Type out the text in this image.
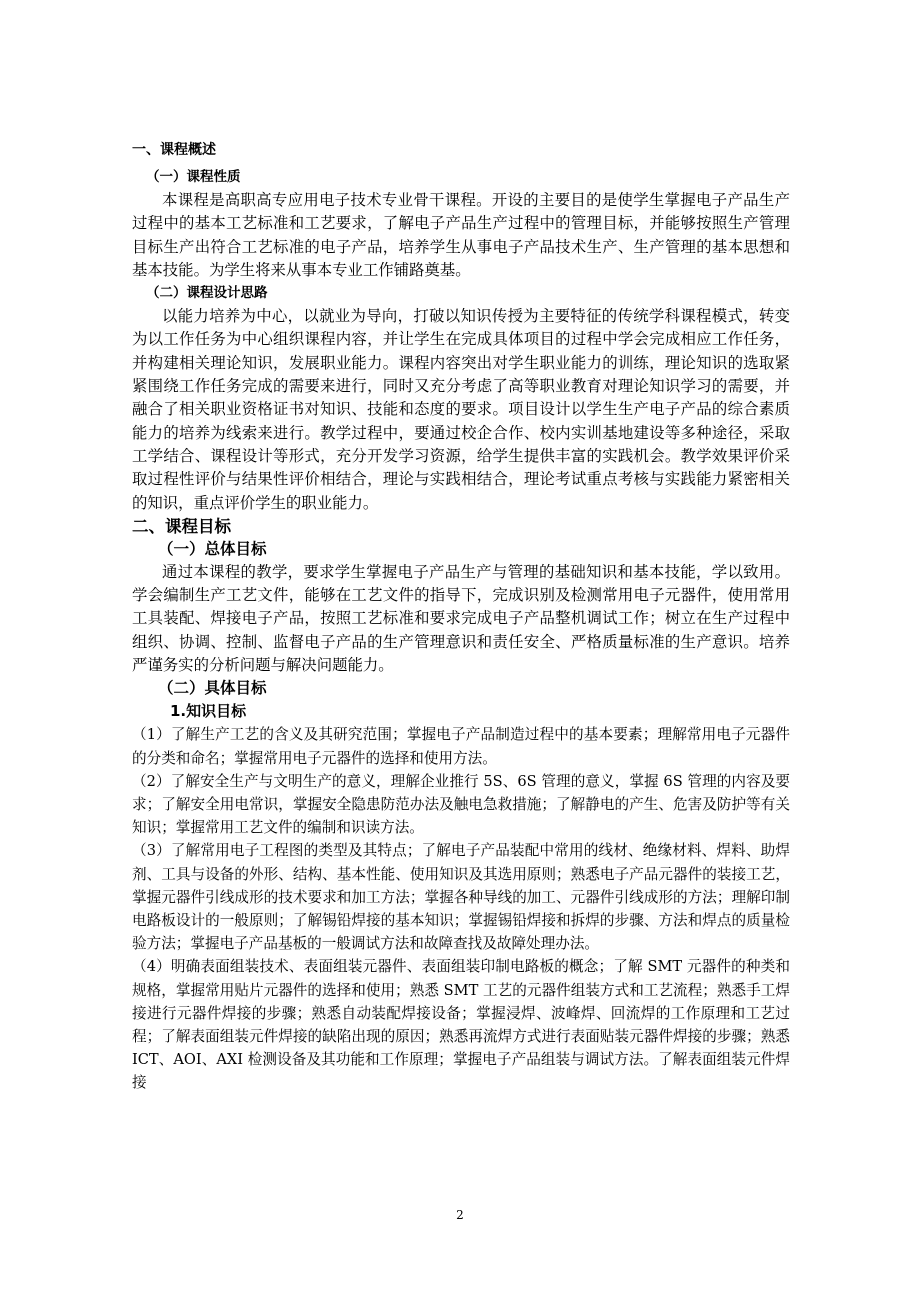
一、课程概述
（一）课程性质

本课程是高职高专应用电子技术专业骨干课程。开设的主要目的是使学生掌握电子产品生产过程中的基本工艺标准和工艺要求，了解电子产品生产过程中的管理目标，并能够按照生产管理目标生产出符合工艺标准的电子产品，培养学生从事电子产品技术生产、生产管理的基本思想和基本技能。为学生将来从事本专业工作铺路奠基。

（二）课程设计思路

以能力培养为中心，以就业为导向，打破以知识传授为主要特征的传统学科课程模式，转变为以工作任务为中心组织课程内容，并让学生在完成具体项目的过程中学会完成相应工作任务，并构建相关理论知识，发展职业能力。课程内容突出对学生职业能力的训练，理论知识的选取紧紧围绕工作任务完成的需要来进行，同时又充分考虑了高等职业教育对理论知识学习的需要，并融合了相关职业资格证书对知识、技能和态度的要求。项目设计以学生生产电子产品的综合素质能力的培养为线索来进行。教学过程中，要通过校企合作、校内实训基地建设等多种途径，采取工学结合、课程设计等形式，充分开发学习资源，给学生提供丰富的实践机会。教学效果评价采取过程性评价与结果性评价相结合，理论与实践相结合，理论考试重点考核与实践能力紧密相关的知识，重点评价学生的职业能力。

二、课程目标
（一）总体目标

通过本课程的教学，要求学生掌握电子产品生产与管理的基础知识和基本技能，学以致用。学会编制生产工艺文件，能够在工艺文件的指导下，完成识别及检测常用电子元器件，使用常用工具装配、焊接电子产品，按照工艺标准和要求完成电子产品整机调试工作；树立在生产过程中组织、协调、控制、监督电子产品的生产管理意识和责任安全、严格质量标准的生产意识。培养严谨务实的分析问题与解决问题能力。

（二）具体目标
1.知识目标

（1）了解生产工艺的含义及其研究范围；掌握电子产品制造过程中的基本要素；理解常用电子元器件的分类和命名；掌握常用电子元器件的选择和使用方法。

（2）了解安全生产与文明生产的意义，理解企业推行 5S、6S 管理的意义，掌握 6S 管理的内容及要求；了解安全用电常识，掌握安全隐患防范办法及触电急救措施；了解静电的产生、危害及防护等有关知识；掌握常用工艺文件的编制和识读方法。

（3）了解常用电子工程图的类型及其特点；了解电子产品装配中常用的线材、绝缘材料、焊料、助焊剂、工具与设备的外形、结构、基本性能、使用知识及其选用原则；熟悉电子产品元器件的装接工艺，掌握元器件引线成形的技术要求和加工方法；掌握各种导线的加工、元器件引线成形的方法；理解印制电路板设计的一般原则；了解锡铅焊接的基本知识；掌握锡铅焊接和拆焊的步骤、方法和焊点的质量检验方法；掌握电子产品基板的一般调试方法和故障查找及故障处理办法。

（4）明确表面组装技术、表面组装元器件、表面组装印制电路板的概念；了解 SMT 元器件的种类和规格，掌握常用贴片元器件的选择和使用；熟悉 SMT 工艺的元器件组装方式和工艺流程；熟悉手工焊接进行元器件焊接的步骤；熟悉自动装配焊接设备；掌握浸焊、波峰焊、回流焊的工作原理和工艺过程；了解表面组装元件焊接的缺陷出现的原因；熟悉再流焊方式进行表面贴装元器件焊接的步骤；熟悉 ICT、AOI、AXI 检测设备及其功能和工作原理；掌握电子产品组装与调试方法。了解表面组装元件焊接

2
